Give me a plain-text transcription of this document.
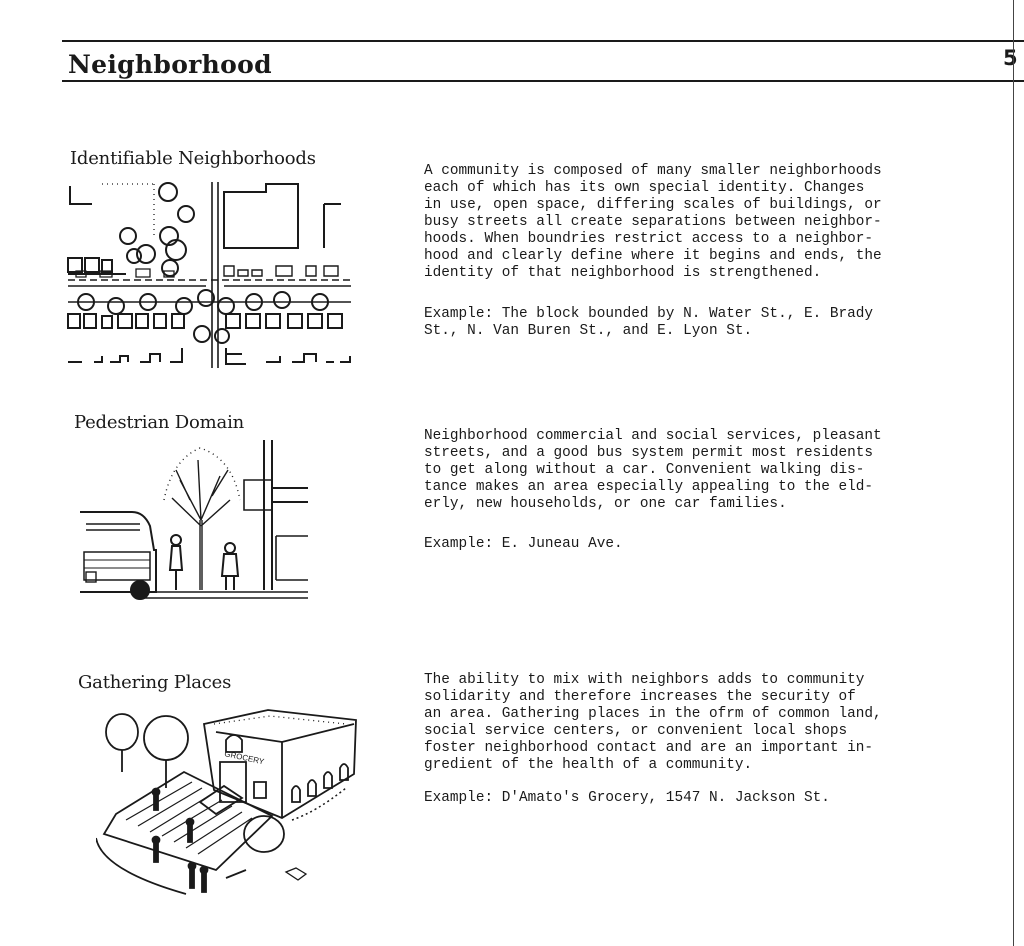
Neighborhood	5
Identifiable Neighborhoods
A community is composed of many smaller neighborhoods
each of which has its own special identity. Changes
in use, open space, differing scales of buildings, or
busy streets all create separations between neighbor-
hoods. When boundries restrict access to a neighbor-
hood and clearly define where it begins and ends, the
identity of that neighborhood is strengthened.
Example: The block bounded by N. Water St., E. Brady
St., N. Van Buren St., and E. Lyon St.
Pedestrian Domain
Neighborhood commercial and social services, pleasant
streets, and a good bus system permit most residents
to get along without a car. Convenient walking dis-
tance makes an area especially appealing to the eld-
erly, new households, or one car families.
Example: E. Juneau Ave.
Gathering Places
GROCERY
The ability to mix with neighbors adds to community
solidarity and therefore increases the security of
an area. Gathering places in the ofrm of common land,
social service centers, or convenient local shops
foster neighborhood contact and are an important in-
gredient of the health of a community.
Example: D'Amato's Grocery, 1547 N. Jackson St.
